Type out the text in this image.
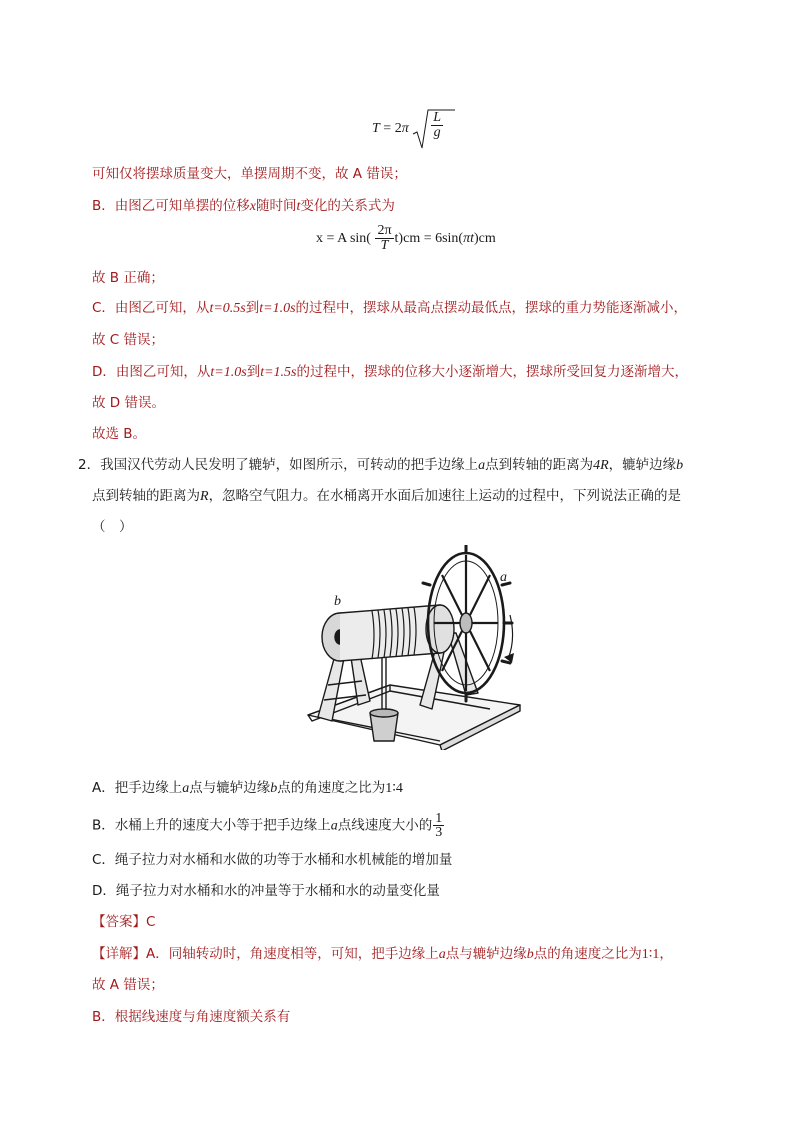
$T = 2\pi \frac{L}{g}$
可知仅将摆球质量变大，单摆周期不变，故 A 错误；
B．由图乙可知单摆的位移x随时间t变化的关系式为
x = A $\sin( \frac{2\pi}{T} t)cm = 6\sin(\pi t)cm$
故 B 正确；
C．由图乙可知，从t=0.5s到t=1.0s的过程中，摆球从最高点摆动最低点，摆球的重力势能逐渐减小，
故 C 错误；
D．由图乙可知，从t=1.0s到t=1.5s的过程中，摆球的位移大小逐渐增大，摆球所受回复力逐渐增大，
故 D 错误。
故选 B。
2．我国汉代劳动人民发明了辘轳，如图所示，可转动的把手边缘上a点到转轴的距离为4R，辘轳边缘b
点到转轴的距离为R，忽略空气阻力。在水桶离开水面后加速往上运动的过程中，下列说法正确的是
（　）
b
a
A．把手边缘上a点与辘轳边缘b点的角速度之比为1∶4
B．水桶上升的速度大小等于把手边缘上a点线速度大小的 $\frac{1}{3}$
C．绳子拉力对水桶和水做的功等于水桶和水机械能的增加量
D．绳子拉力对水桶和水的冲量等于水桶和水的动量变化量
【答案】C
【详解】A．同轴转动时，角速度相等，可知，把手边缘上a点与辘轳边缘b点的角速度之比为1∶1，
故 A 错误；
B．根据线速度与角速度额关系有
